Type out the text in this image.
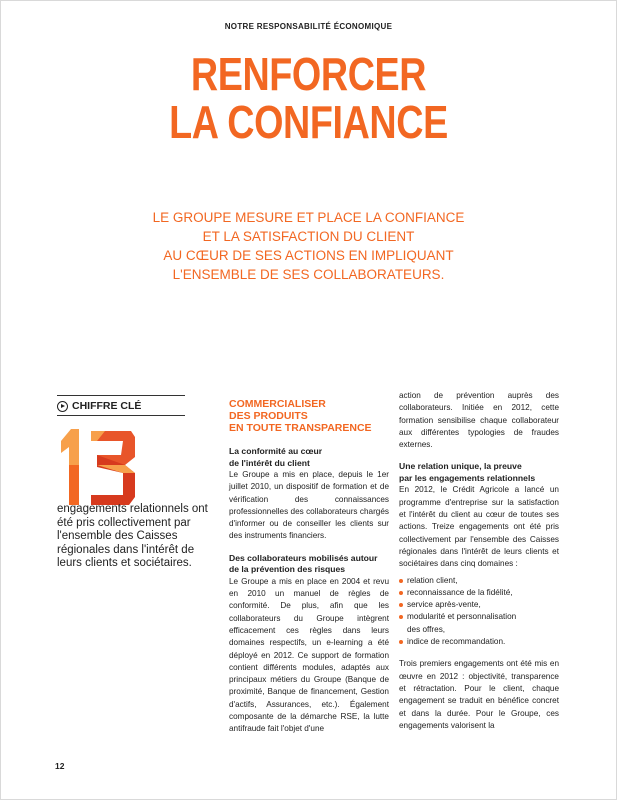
NOTRE RESPONSABILITÉ ÉCONOMIQUE
RENFORCER
LA CONFIANCE
LE GROUPE MESURE ET PLACE LA CONFIANCE
ET LA SATISFACTION DU CLIENT
AU CŒUR DE SES ACTIONS EN IMPLIQUANT
L'ENSEMBLE DE SES COLLABORATEURS.
CHIFFRE CLÉ
engagements relationnels ont été pris collectivement par l'ensemble des Caisses régionales dans l'intérêt de leurs clients et sociétaires.
COMMERCIALISER
DES PRODUITS
EN TOUTE TRANSPARENCE
La conformité au cœur
de l'intérêt du client
Le Groupe a mis en place, depuis le 1er juillet 2010, un dispositif de formation et de vérification des connaissances professionnelles des collaborateurs chargés d'informer ou de conseiller les clients sur des instruments financiers.
Des collaborateurs mobilisés autour
de la prévention des risques
Le Groupe a mis en place en 2004 et revu en 2010 un manuel de règles de conformité. De plus, afin que les collaborateurs du Groupe intègrent efficacement ces règles dans leurs domaines respectifs, un e-learning a été déployé en 2012. Ce support de formation contient différents modules, adaptés aux principaux métiers du Groupe (Banque de proximité, Banque de financement, Gestion d'actifs, Assurances, etc.). Également composante de la démarche RSE, la lutte antifraude fait l'objet d'une
action de prévention auprès des collaborateurs. Initiée en 2012, cette formation sensibilise chaque collaborateur aux différentes typologies de fraudes externes.
Une relation unique, la preuve
par les engagements relationnels
En 2012, le Crédit Agricole a lancé un programme d'entreprise sur la satisfaction et l'intérêt du client au cœur de toutes ses actions. Treize engagements ont été pris collectivement par l'ensemble des Caisses régionales dans l'intérêt de leurs clients et sociétaires dans cinq domaines :
relation client,
reconnaissance de la fidélité,
service après-vente,
modularité et personnalisation
des offres,
indice de recommandation.
Trois premiers engagements ont été mis en œuvre en 2012 : objectivité, transparence et rétractation. Pour le client, chaque engagement se traduit en bénéfice concret et dans la durée. Pour le Groupe, ces engagements valorisent la
12
